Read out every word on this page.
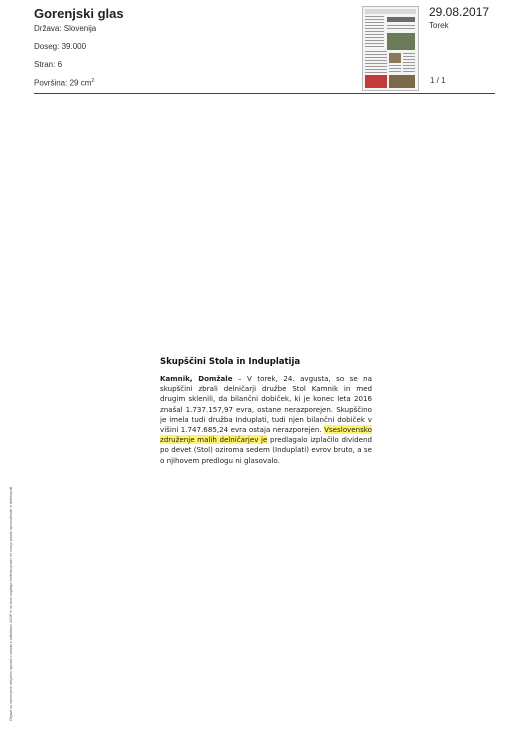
Gorenjski glas
Država: Slovenija
Doseg: 39.000
Stran: 6
Površina: 29 $cm^2$
29.08.2017
Torek
1 / 1

Skupščini Stola in Induplatija

Kamnik, Domžale – V torek, 24. avgusta, so se na skupščini zbrali delničarji družbe Stol Kamnik in med drugim sklenili, da bilančni dobiček, ki je konec leta 2016 znašal 1.737.157,97 evra, ostane nerazporejen. Skupščino je imela tudi družba Induplati, tudi njen bilančni dobiček v višini 1.747.685,24 evra ostaja nerazporejen. Vseslovensko združenje malih delničarjev je predlagalo izplačilo dividend po devet (Stol) oziroma sedem (Induplati) evrov bruto, a se o njihovem predlogu ni glasovalo.

Objave so namenjene izključno uporabi v skladu z odločbami ZASP in se brez soglasja imetnika pravic ne smejo prosto razmnoževati in distribuirati
